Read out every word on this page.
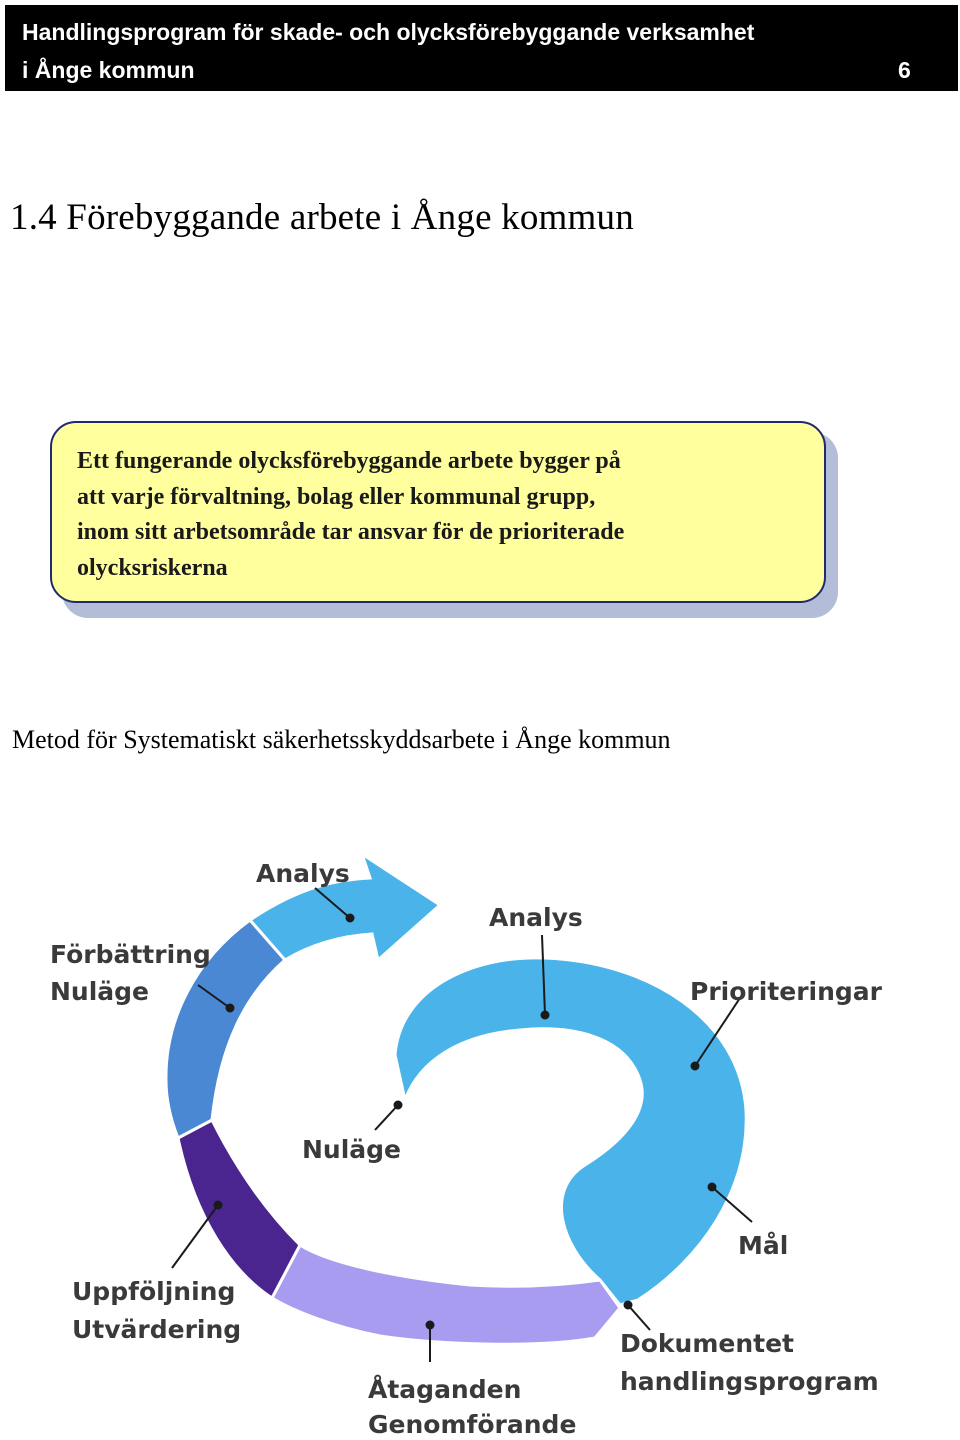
Handlingsprogram för skade- och olycksförebyggande verksamhet
i Ånge kommun	6
1.4 Förebyggande arbete i Ånge kommun
Ett fungerande olycksförebyggande arbete bygger på
att varje förvaltning, bolag eller kommunal grupp,
inom sitt arbetsområde tar ansvar för de prioriterade
olycksriskerna
Metod för Systematiskt säkerhetsskyddsarbete i Ånge kommun
Analys
Analys
Förbättring
Nuläge	Prioriteringar
Nuläge
Mål
Uppföljning
Utvärdering	Dokumentet
handlingsprogram
Åtaganden
Genomförande
